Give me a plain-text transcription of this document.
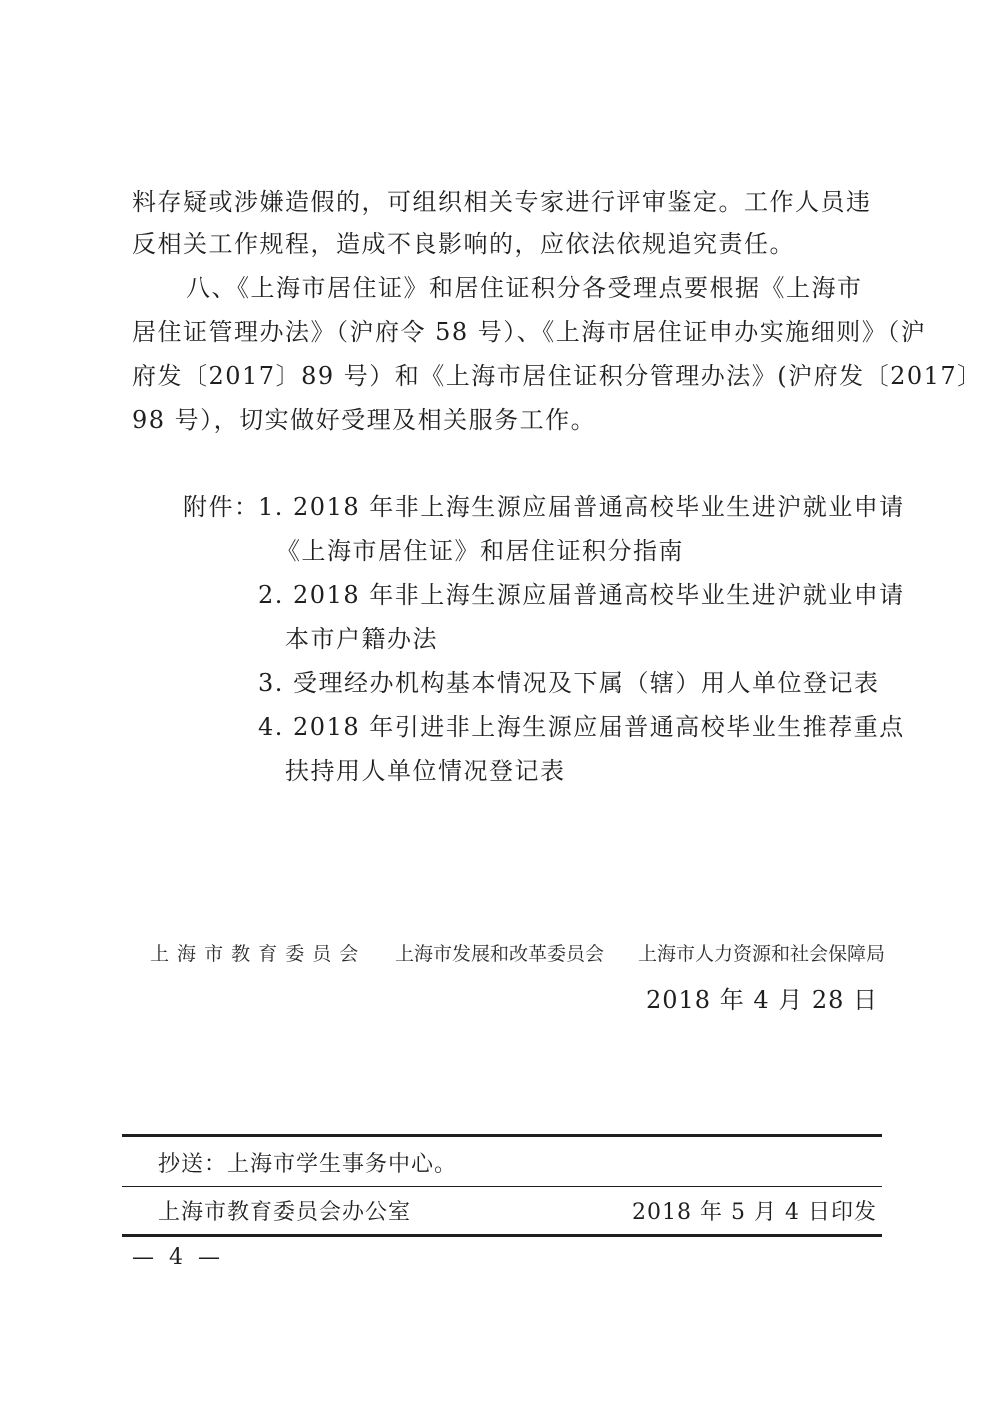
料存疑或涉嫌造假的，可组织相关专家进行评审鉴定。工作人员违
反相关工作规程，造成不良影响的，应依法依规追究责任。
八、《上海市居住证》和居住证积分各受理点要根据《上海市
居住证管理办法》（沪府令 58 号）、《上海市居住证申办实施细则》（沪
府发〔2017〕89 号）和《上海市居住证积分管理办法》(沪府发〔2017〕
98 号），切实做好受理及相关服务工作。
附件：
1. 2018 年非上海生源应届普通高校毕业生进沪就业申请
《上海市居住证》和居住证积分指南
2. 2018 年非上海生源应届普通高校毕业生进沪就业申请
本市户籍办法
3. 受理经办机构基本情况及下属（辖）用人单位登记表
4. 2018 年引进非上海生源应届普通高校毕业生推荐重点
扶持用人单位情况登记表
上 海 市 教 育 委 员 会 上海市发展和改革委员会 上海市人力资源和社会保障局
2018 年 4 月 28 日
抄送：上海市学生事务中心。
上海市教育委员会办公室	2018 年 5 月 4 日印发
— 4 —
